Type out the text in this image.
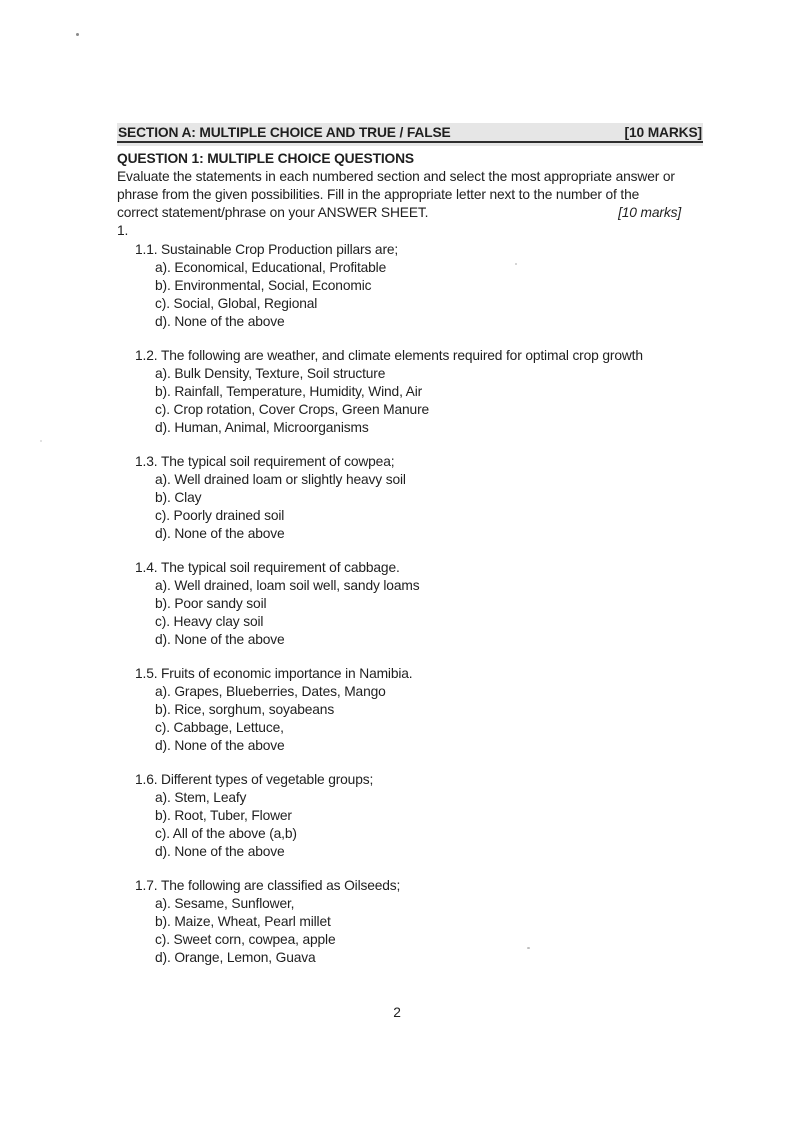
SECTION A: MULTIPLE CHOICE AND TRUE / FALSE	[10 MARKS]
QUESTION 1: MULTIPLE CHOICE QUESTIONS
Evaluate the statements in each numbered section and select the most appropriate answer or
phrase from the given possibilities. Fill in the appropriate letter next to the number of the
correct statement/phrase on your ANSWER SHEET.	[10 marks]
1.
1.1. Sustainable Crop Production pillars are;
a). Economical, Educational, Profitable
b). Environmental, Social, Economic
c). Social, Global, Regional
d). None of the above
1.2. The following are weather, and climate elements required for optimal crop growth
a). Bulk Density, Texture, Soil structure
b). Rainfall, Temperature, Humidity, Wind, Air
c). Crop rotation, Cover Crops, Green Manure
d). Human, Animal, Microorganisms
1.3. The typical soil requirement of cowpea;
a). Well drained loam or slightly heavy soil
b). Clay
c). Poorly drained soil
d). None of the above
1.4. The typical soil requirement of cabbage.
a). Well drained, loam soil well, sandy loams
b). Poor sandy soil
c). Heavy clay soil
d). None of the above
1.5. Fruits of economic importance in Namibia.
a). Grapes, Blueberries, Dates, Mango
b). Rice, sorghum, soyabeans
c). Cabbage, Lettuce,
d). None of the above
1.6. Different types of vegetable groups;
a). Stem, Leafy
b). Root, Tuber, Flower
c). All of the above (a,b)
d). None of the above
1.7. The following are classified as Oilseeds;
a). Sesame, Sunflower,
b). Maize, Wheat, Pearl millet
c). Sweet corn, cowpea, apple
d). Orange, Lemon, Guava
2
